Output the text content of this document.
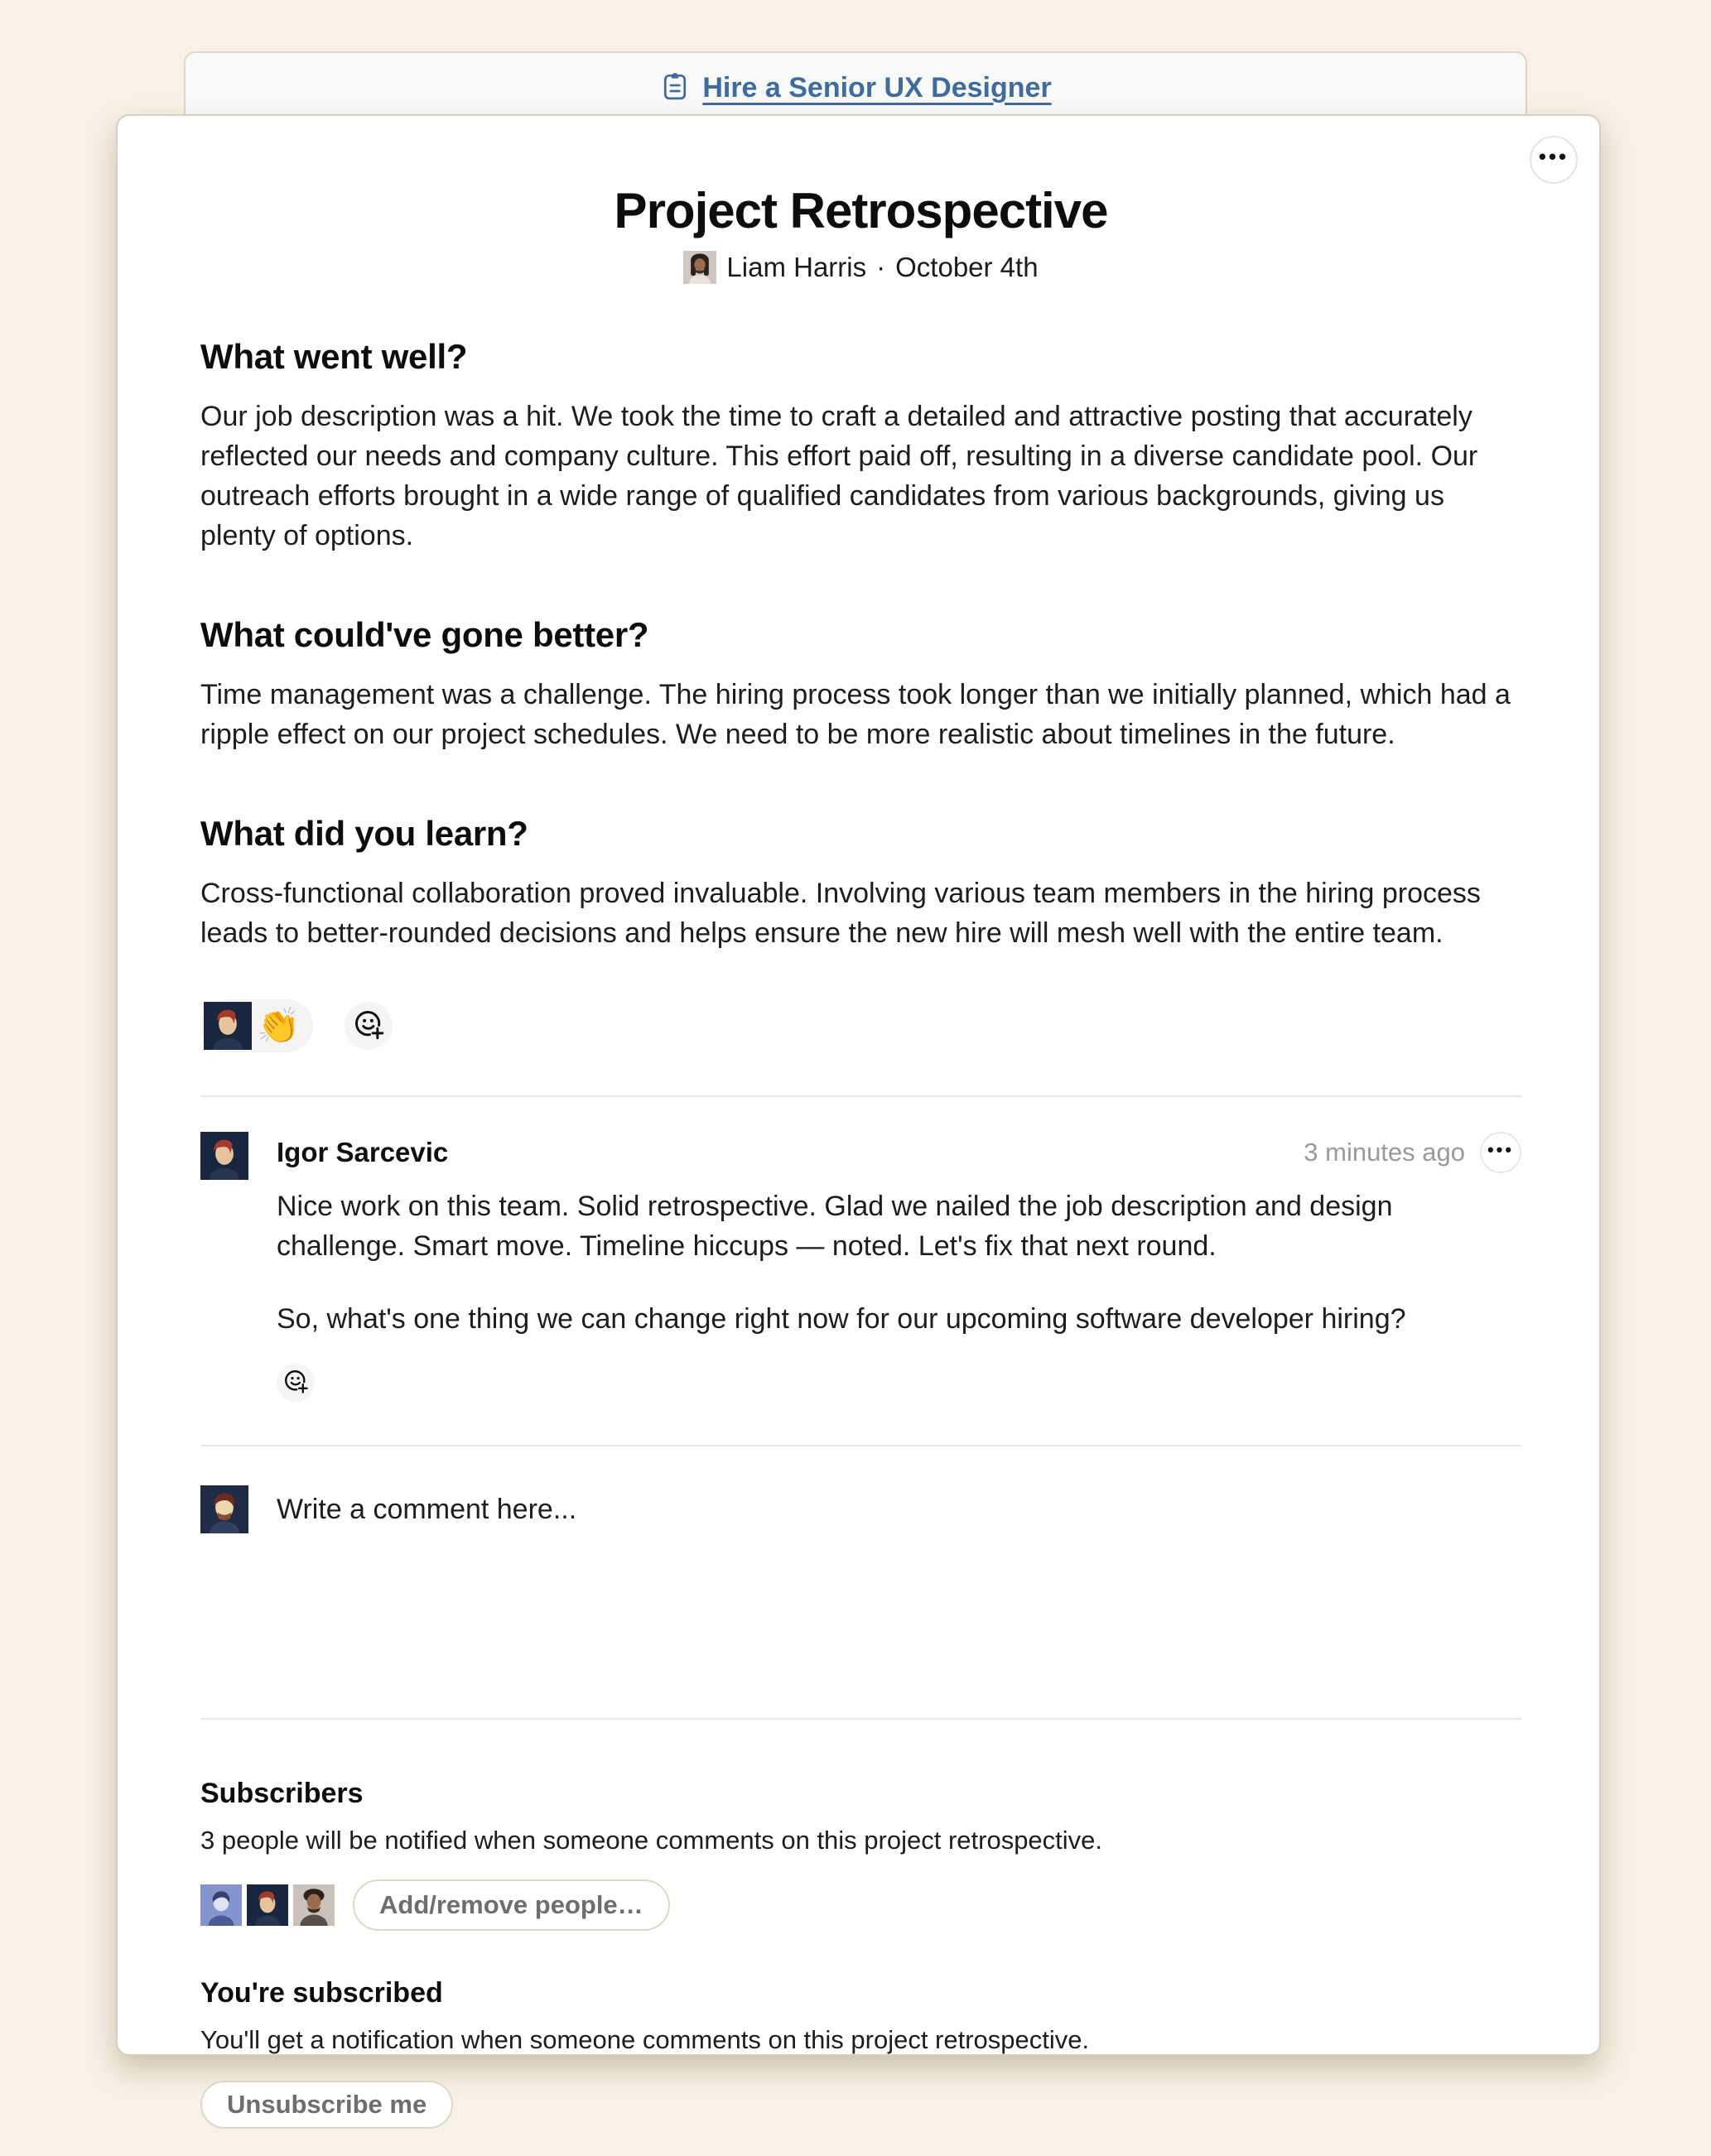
Hire a Senior UX Designer
•••
Project Retrospective
Liam Harris · October 4th
What went well?

Our job description was a hit. We took the time to craft a detailed and attractive posting that accurately reflected our needs and company culture. This effort paid off, resulting in a diverse candidate pool. Our outreach efforts brought in a wide range of qualified candidates from various backgrounds, giving us plenty of options.

What could've gone better?

Time management was a challenge. The hiring process took longer than we initially planned, which had a ripple effect on our project schedules. We need to be more realistic about timelines in the future.

What did you learn?

Cross-functional collaboration proved invaluable. Involving various team members in the hiring process leads to better-rounded decisions and helps ensure the new hire will mesh well with the entire team.

👏
Igor Sarcevic	3 minutes ago •••

Nice work on this team. Solid retrospective. Glad we nailed the job description and design challenge. Smart move. Timeline hiccups — noted. Let's fix that next round.

So, what's one thing we can change right now for our upcoming software developer hiring?

Write a comment here...
Subscribers

3 people will be notified when someone comments on this project retrospective.

Add/remove people…
You're subscribed

You'll get a notification when someone comments on this project retrospective.

Unsubscribe me
